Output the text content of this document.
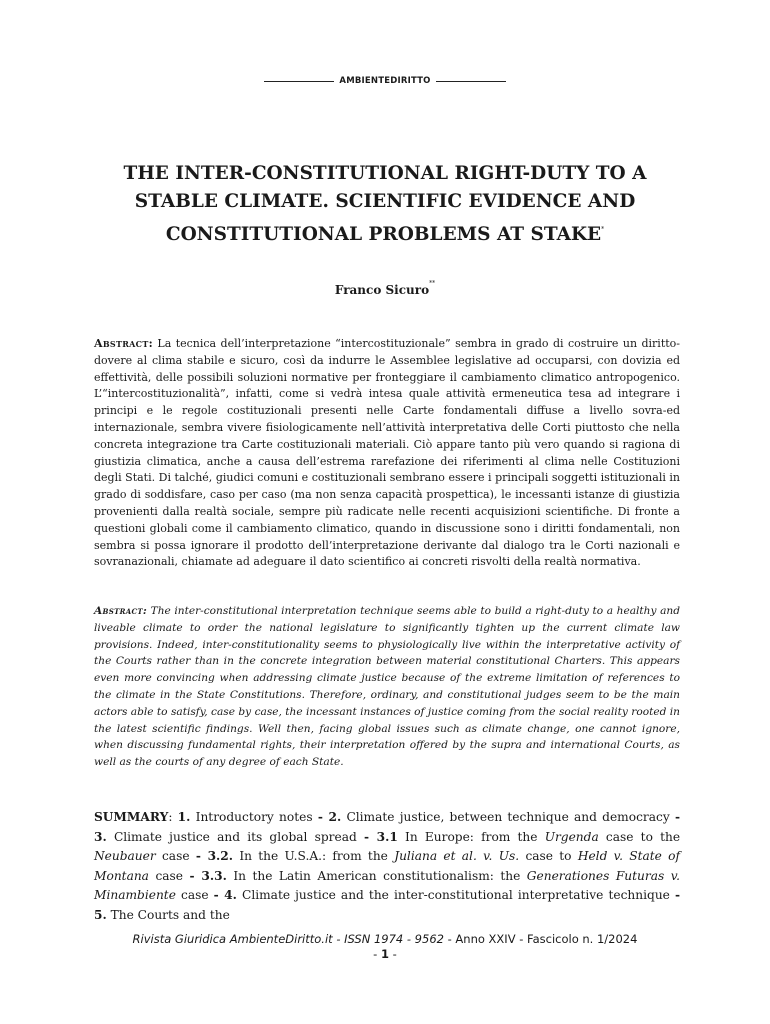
AMBIENTEDIRITTO
THE INTER-CONSTITUTIONAL RIGHT-DUTY TO A STABLE CLIMATE. SCIENTIFIC EVIDENCE AND CONSTITUTIONAL PROBLEMS AT STAKE*
Franco Sicuro**

Abstract: La tecnica dell’interpretazione “intercostituzionale” sembra in grado di costruire un diritto-dovere al clima stabile e sicuro, così da indurre le Assemblee legislative ad occuparsi, con dovizia ed effettività, delle possibili soluzioni normative per fronteggiare il cambiamento climatico antropogenico. L’“intercostituzionalità”, infatti, come si vedrà intesa quale attività ermeneutica tesa ad integrare i principi e le regole costituzionali presenti nelle Carte fondamentali diffuse a livello sovra-ed internazionale, sembra vivere fisiologicamente nell’attività interpretativa delle Corti piuttosto che nella concreta integrazione tra Carte costituzionali materiali. Ciò appare tanto più vero quando si ragiona di giustizia climatica, anche a causa dell’estrema rarefazione dei riferimenti al clima nelle Costituzioni degli Stati. Di talché, giudici comuni e costituzionali sembrano essere i principali soggetti istituzionali in grado di soddisfare, caso per caso (ma non senza capacità prospettica), le incessanti istanze di giustizia provenienti dalla realtà sociale, sempre più radicate nelle recenti acquisizioni scientifiche. Di fronte a questioni globali come il cambiamento climatico, quando in discussione sono i diritti fondamentali, non sembra si possa ignorare il prodotto dell’interpretazione derivante dal dialogo tra le Corti nazionali e sovranazionali, chiamate ad adeguare il dato scientifico ai concreti risvolti della realtà normativa.

Abstract: The inter-constitutional interpretation technique seems able to build a right-duty to a healthy and liveable climate to order the national legislature to significantly tighten up the current climate law provisions. Indeed, inter-constitutionality seems to physiologically live within the interpretative activity of the Courts rather than in the concrete integration between material constitutional Charters. This appears even more convincing when addressing climate justice because of the extreme limitation of references to the climate in the State Constitutions. Therefore, ordinary, and constitutional judges seem to be the main actors able to satisfy, case by case, the incessant instances of justice coming from the social reality rooted in the latest scientific findings. Well then, facing global issues such as climate change, one cannot ignore, when discussing fundamental rights, their interpretation offered by the supra and international Courts, as well as the courts of any degree of each State.

SUMMARY: 1. Introductory notes - 2. Climate justice, between technique and democracy - 3. Climate justice and its global spread - 3.1 In Europe: from the Urgenda case to the Neubauer case - 3.2. In the U.S.A.: from the Juliana et al. v. Us. case to Held v. State of Montana case - 3.3. In the Latin American constitutionalism: the Generationes Futuras v. Minambiente case - 4. Climate justice and the inter-constitutional interpretative technique - 5. The Courts and the

Rivista Giuridica AmbienteDiritto.it - ISSN 1974 - 9562 - Anno XXIV - Fascicolo n. 1/2024
- 1 -
